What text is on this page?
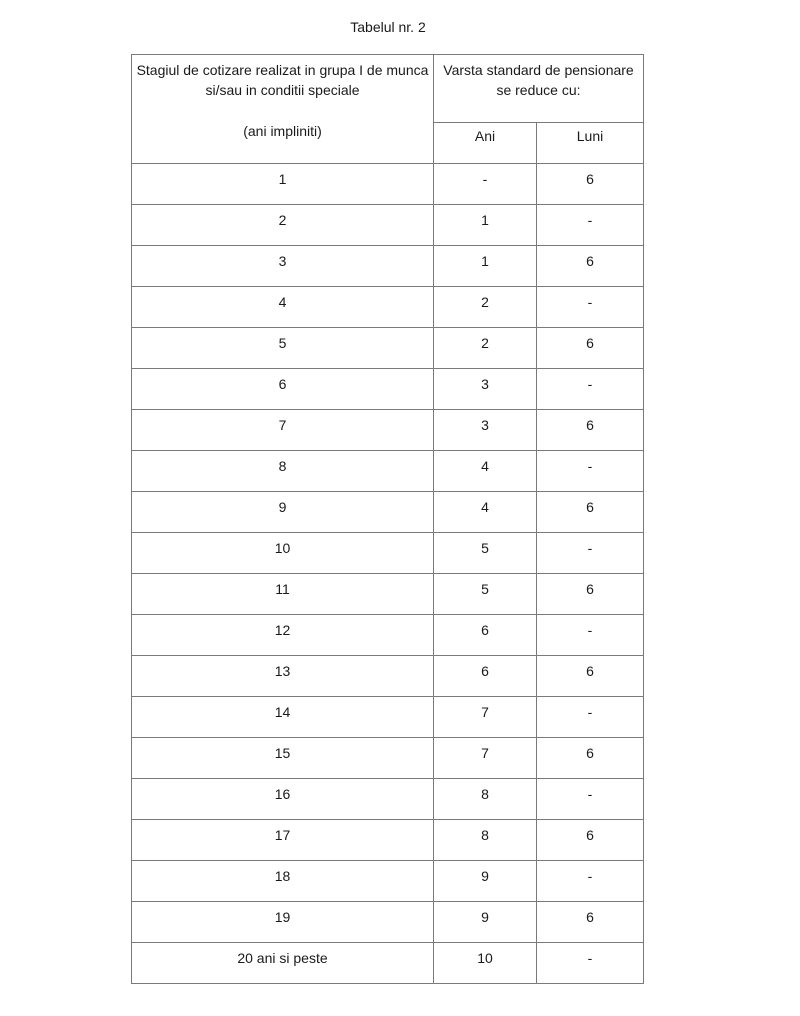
Tabelul nr. 2
Stagiul de cotizare realizat in grupa I de munca
si/sau in conditii speciale
(ani impliniti)	Varsta standard de pensionare
se reduce cu:	

	Ani	Luni

1	-	6

2	1	-

3	1	6

4	2	-

5	2	6

6	3	-

7	3	6

8	4	-

9	4	6

10	5	-

11	5	6

12	6	-

13	6	6

14	7	-

15	7	6

16	8	-

17	8	6

18	9	-

19	9	6

20 ani si peste	10	-
